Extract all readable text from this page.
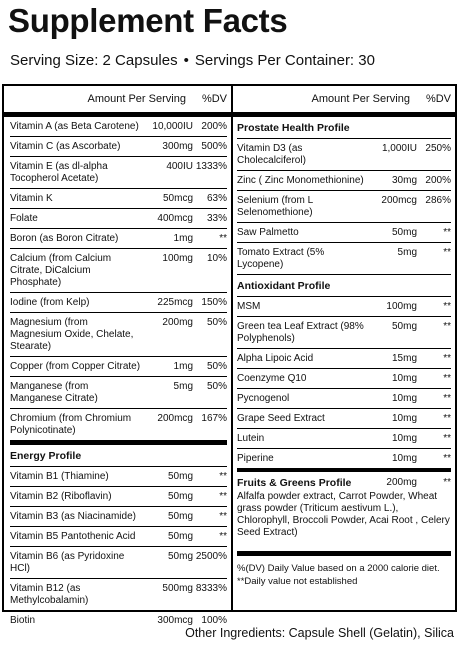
Supplement Facts
Serving Size: 2 Capsules • Servings Per Container: 30
Amount Per Serving %DV
Vitamin A (as Beta Carotene)	10,000IU 200%
Vitamin C (as Ascorbate)	300mg 500%
Vitamin E (as dl-alpha Tocopherol Acetate)
400IU 1333%
Vitamin K	50mcg 63%
Folate	400mcg 33%
Boron (as Boron Citrate)	1mg	**
Calcium (from Calcium Citrate, DiCalcium Phosphate)
100mg 10%
Iodine (from Kelp)	225mcg 150%
Magnesium (from Magnesium Oxide, Chelate, Stearate)
200mg 50%
Copper (from Copper Citrate)	1mg 50%
Manganese (from Manganese Citrate)
5mg 50%
Chromium (from Chromium Polynicotinate)
200mcg 167%
Energy Profile
Vitamin B1 (Thiamine)	50mg	**
Vitamin B2 (Riboflavin)	50mg	**
Vitamin B3 (as Niacinamide)	50mg	**
Vitamin B5 Pantothenic Acid	50mg	**
Vitamin B6 (as Pyridoxine HCl)
50mg 2500%
Vitamin B12 (as Methylcobalamin)
500mg 8333%
Biotin	300mcg 100%
Amount Per Serving %DV
Prostate Health Profile
Vitamin D3 (as Cholecalciferol)
1,000IU 250%
Zinc ( Zinc Monomethionine)	30mg 200%
Selenium (from L Selenomethione)
200mcg 286%
Saw Palmetto	50mg	**
Tomato Extract (5% Lycopene)
5mg	**
Antioxidant Profile
MSM	100mg	**
Green tea Leaf Extract (98% Polyphenols)
50mg	**
Alpha Lipoic Acid	15mg	**
Coenzyme Q10	10mg	**
Pycnogenol	10mg	**
Grape Seed Extract	10mg	**
Lutein	10mg	**
Piperine	10mg	**
Fruits & Greens Profile	200mg	**
Alfalfa powder extract, Carrot Powder, Wheat grass powder (Triticum aestivum L.), Chlorophyll, Broccoli Powder, Acai Root , Celery Seed Extract)
%(DV) Daily Value based on a 2000 calorie diet.
**Daily value not established
Other Ingredients: Capsule Shell (Gelatin), Silica
